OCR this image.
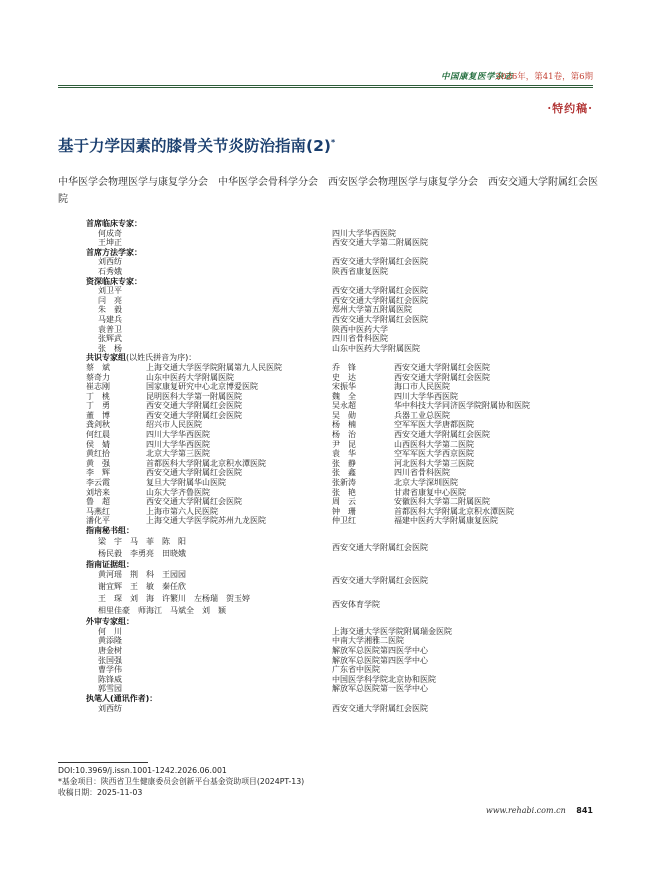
中国康复医学杂志
2026年，第41卷，第6期
·特约稿·
基于力学因素的膝骨关节炎防治指南(2)*
中华医学会物理医学与康复学分会　中华医学会骨科学分会　西安医学会物理医学与康复学分会　西安交通大学附属红会医院
首席临床专家：
何成奇	四川大学华西医院
王坤正	西安交通大学第二附属医院
首席方法学家：
刘西纺	西安交通大学附属红会医院
石秀娥	陕西省康复医院
资深临床专家：
刘卫平	西安交通大学附属红会医院
闫　亮	西安交通大学附属红会医院
朱　毅	郑州大学第五附属医院
马建兵	西安交通大学附属红会医院
袁普卫	陕西中医药大学
张辉武	四川省骨科医院
张　杨	山东中医药大学附属医院
共识专家组(以姓氏拼音为序)：
蔡　斌	上海交通大学医学院附属第九人民医院	乔　锋	西安交通大学附属红会医院
蔡奇力	山东中医药大学附属医院	史　达	西安交通大学附属红会医院
崔志刚	国家康复研究中心北京博爱医院	宋振华	海口市人民医院
丁　桃	昆明医科大学第一附属医院	魏　全	四川大学华西医院
丁　勇	西安交通大学附属红会医院	吴永超	华中科技大学同济医学院附属协和医院
董　博	西安交通大学附属红会医院	吴　勋	兵器工业总医院
龚剑秋	绍兴市人民医院	杨　楠	空军军医大学唐都医院
何红晨	四川大学华西医院	杨　治	西安交通大学附属红会医院
侯　婧	四川大学华西医院	尹　昆	山西医科大学第二医院
黄红拾	北京大学第三医院	袁　华	空军军医大学西京医院
黄　强	首都医科大学附属北京积水潭医院	张　静	河北医科大学第三医院
李　辉	西安交通大学附属红会医院	张　鑫	四川省骨科医院
李云霞	复旦大学附属华山医院	张新涛	北京大学深圳医院
刘培来	山东大学齐鲁医院	张　艳	甘肃省康复中心医院
鲁　超	西安交通大学附属红会医院	周　云	安徽医科大学第二附属医院
马燕红	上海市第六人民医院	钟　珊	首都医科大学附属北京积水潭医院
潘化平	上海交通大学医学院苏州九龙医院	仲卫红	福建中医药大学附属康复医院
指南秘书组：
梁　宇　马　菲　陈　阳
杨民毅　李勇亮　田晓娥
西安交通大学附属红会医院
指南证据组：
黄河瑶　荆　科　王园园
谢宜辉　王　敏　秦任欣
西安交通大学附属红会医院
王　琛　刘　海　许繁川　左杨瑞　贺玉婷
相里佳豪　师海江　马斌全　刘　颖
西安体育学院
外审专家组：
何　川	上海交通大学医学院附属瑞金医院
黄添隆	中南大学湘雅二医院
唐金树	解放军总医院第四医学中心
张国强	解放军总医院第四医学中心
曹学伟	广东省中医院
陈锋威	中国医学科学院北京协和医院
郭雪园	解放军总医院第一医学中心
执笔人(通讯作者)：
刘西纺	西安交通大学附属红会医院
DOI:10.3969/j.issn.1001-1242.2026.06.001
*基金项目：陕西省卫生健康委员会创新平台基金资助项目(2024PT-13)
收稿日期：2025-11-03
www.rehabi.com.cn 841
